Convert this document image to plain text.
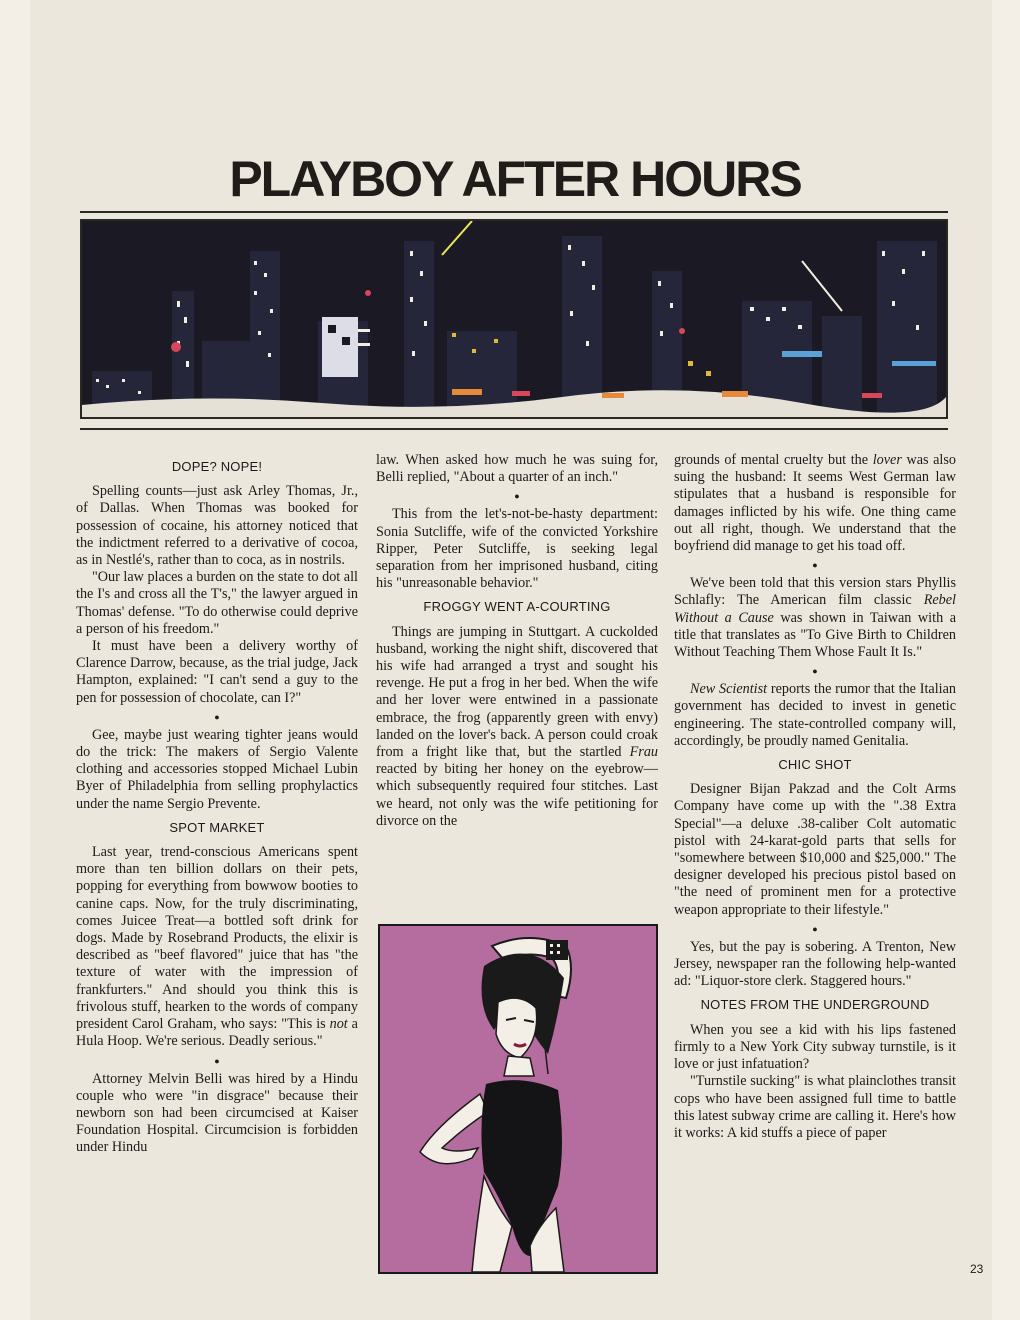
PLAYBOY AFTER HOURS
DOPE? NOPE!

Spelling counts—just ask Arley Thomas, Jr., of Dallas. When Thomas was booked for possession of cocaine, his attorney noticed that the indictment referred to a derivative of cocoa, as in Nestlé's, rather than to coca, as in nostrils.

"Our law places a burden on the state to dot all the I's and cross all the T's," the lawyer argued in Thomas' defense. "To do otherwise could deprive a person of his freedom."

It must have been a delivery worthy of Clarence Darrow, because, as the trial judge, Jack Hampton, explained: "I can't send a guy to the pen for possession of chocolate, can I?"

●

Gee, maybe just wearing tighter jeans would do the trick: The makers of Sergio Valente clothing and accessories stopped Michael Lubin Byer of Philadelphia from selling prophylactics under the name Sergio Prevente.

SPOT MARKET

Last year, trend-conscious Americans spent more than ten billion dollars on their pets, popping for everything from bowwow booties to canine caps. Now, for the truly discriminating, comes Juicee Treat—a bottled soft drink for dogs. Made by Rosebrand Products, the elixir is described as "beef flavored" juice that has "the texture of water with the impression of frankfurters." And should you think this is frivolous stuff, hearken to the words of company president Carol Graham, who says: "This is not a Hula Hoop. We're serious. Deadly serious."

●

Attorney Melvin Belli was hired by a Hindu couple who were "in disgrace" because their newborn son had been circumcised at Kaiser Foundation Hospital. Circumcision is forbidden under Hindu

law. When asked how much he was suing for, Belli replied, "About a quarter of an inch."

●

This from the let's-not-be-hasty department: Sonia Sutcliffe, wife of the convicted Yorkshire Ripper, Peter Sutcliffe, is seeking legal separation from her imprisoned husband, citing his "unreasonable behavior."

FROGGY WENT A-COURTING

Things are jumping in Stuttgart. A cuckolded husband, working the night shift, discovered that his wife had arranged a tryst and sought his revenge. He put a frog in her bed. When the wife and her lover were entwined in a passionate embrace, the frog (apparently green with envy) landed on the lover's back. A person could croak from a fright like that, but the startled Frau reacted by biting her honey on the eyebrow—which subsequently required four stitches. Last we heard, not only was the wife petitioning for divorce on the

grounds of mental cruelty but the lover was also suing the husband: It seems West German law stipulates that a husband is responsible for damages inflicted by his wife. One thing came out all right, though. We understand that the boyfriend did manage to get his toad off.

●

We've been told that this version stars Phyllis Schlafly: The American film classic Rebel Without a Cause was shown in Taiwan with a title that translates as "To Give Birth to Children Without Teaching Them Whose Fault It Is."

●

New Scientist reports the rumor that the Italian government has decided to invest in genetic engineering. The state-controlled company will, accordingly, be proudly named Genitalia.

CHIC SHOT

Designer Bijan Pakzad and the Colt Arms Company have come up with the ".38 Extra Special"—a deluxe .38-caliber Colt automatic pistol with 24-karat-gold parts that sells for "somewhere between $10,000 and $25,000." The designer developed his precious pistol based on "the need of prominent men for a protective weapon appropriate to their lifestyle."

●

Yes, but the pay is sobering. A Trenton, New Jersey, newspaper ran the following help-wanted ad: "Liquor-store clerk. Staggered hours."

NOTES FROM THE UNDERGROUND

When you see a kid with his lips fastened firmly to a New York City subway turnstile, is it love or just infatuation?

"Turnstile sucking" is what plainclothes transit cops who have been assigned full time to battle this latest subway crime are calling it. Here's how it works: A kid stuffs a piece of paper

23
